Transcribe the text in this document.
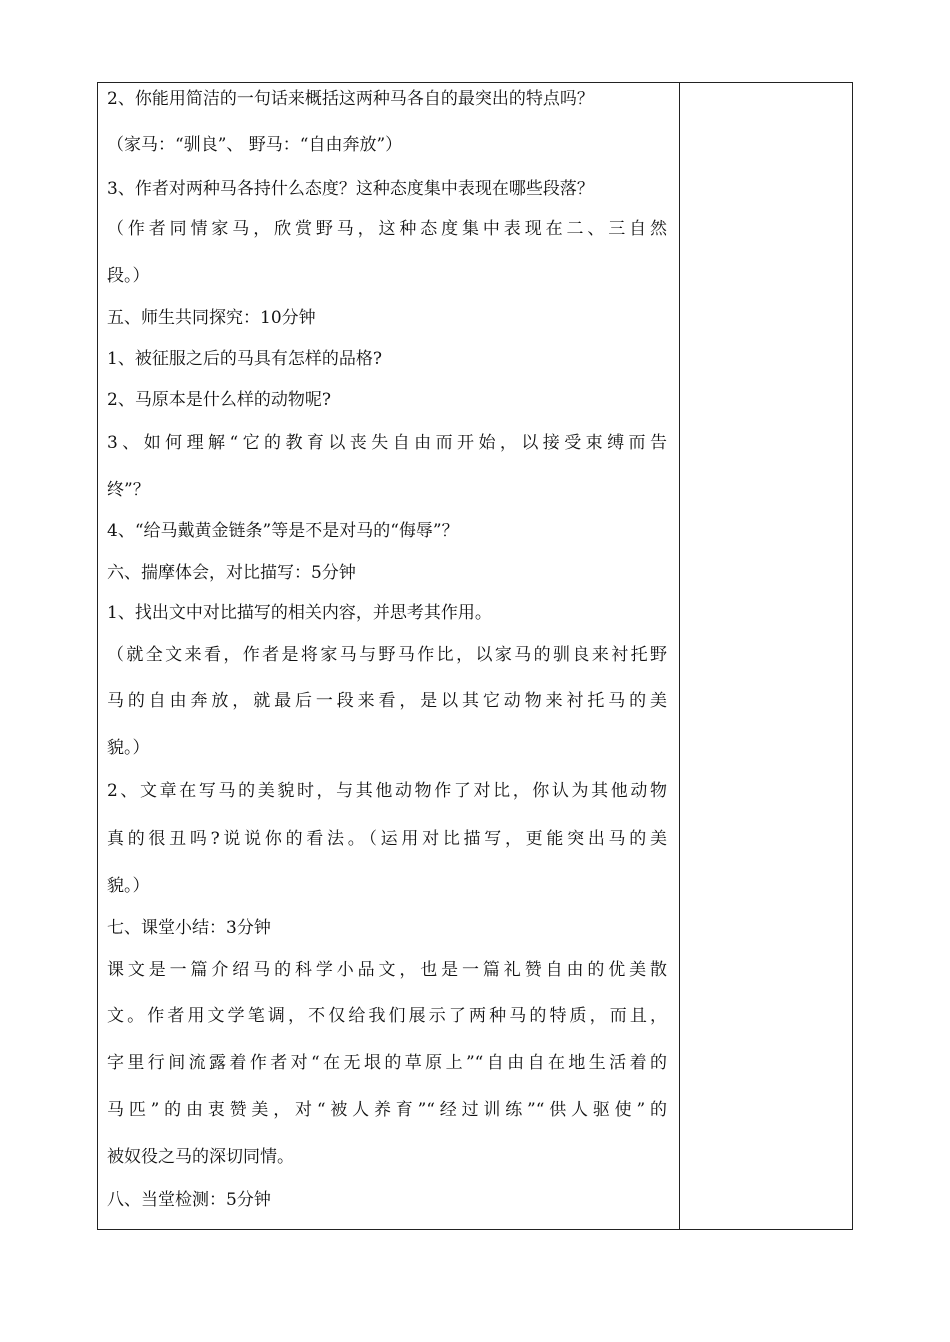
2、你能用简洁的一句话来概括这两种马各自的最突出的特点吗？
（家马：“驯良”、 野马：“自由奔放”）
3、作者对两种马各持什么态度？这种态度集中表现在哪些段落？
（作者同情家马，欣赏野马，这种态度集中表现在二、三自然
段。）
五、师生共同探究：10分钟
1、被征服之后的马具有怎样的品格?
2、马原本是什么样的动物呢?
3、如何理解“它的教育以丧失自由而开始，以接受束缚而告
终”？
4、“给马戴黄金链条”等是不是对马的“侮辱”？
六、揣摩体会，对比描写：5分钟
1、找出文中对比描写的相关内容，并思考其作用。
（就全文来看，作者是将家马与野马作比，以家马的驯良来衬托野
马的自由奔放，就最后一段来看，是以其它动物来衬托马的美
貌。）
2、文章在写马的美貌时，与其他动物作了对比，你认为其他动物
真的很丑吗?说说你的看法。（运用对比描写，更能突出马的美
貌。）
七、课堂小结：3分钟
课文是一篇介绍马的科学小品文，也是一篇礼赞自由的优美散
文。作者用文学笔调，不仅给我们展示了两种马的特质，而且，
字里行间流露着作者对“在无垠的草原上”“自由自在地生活着的
马匹”的由衷赞美，对“被人养育”“经过训练”“供人驱使”的
被奴役之马的深切同情。
八、当堂检测：5分钟
